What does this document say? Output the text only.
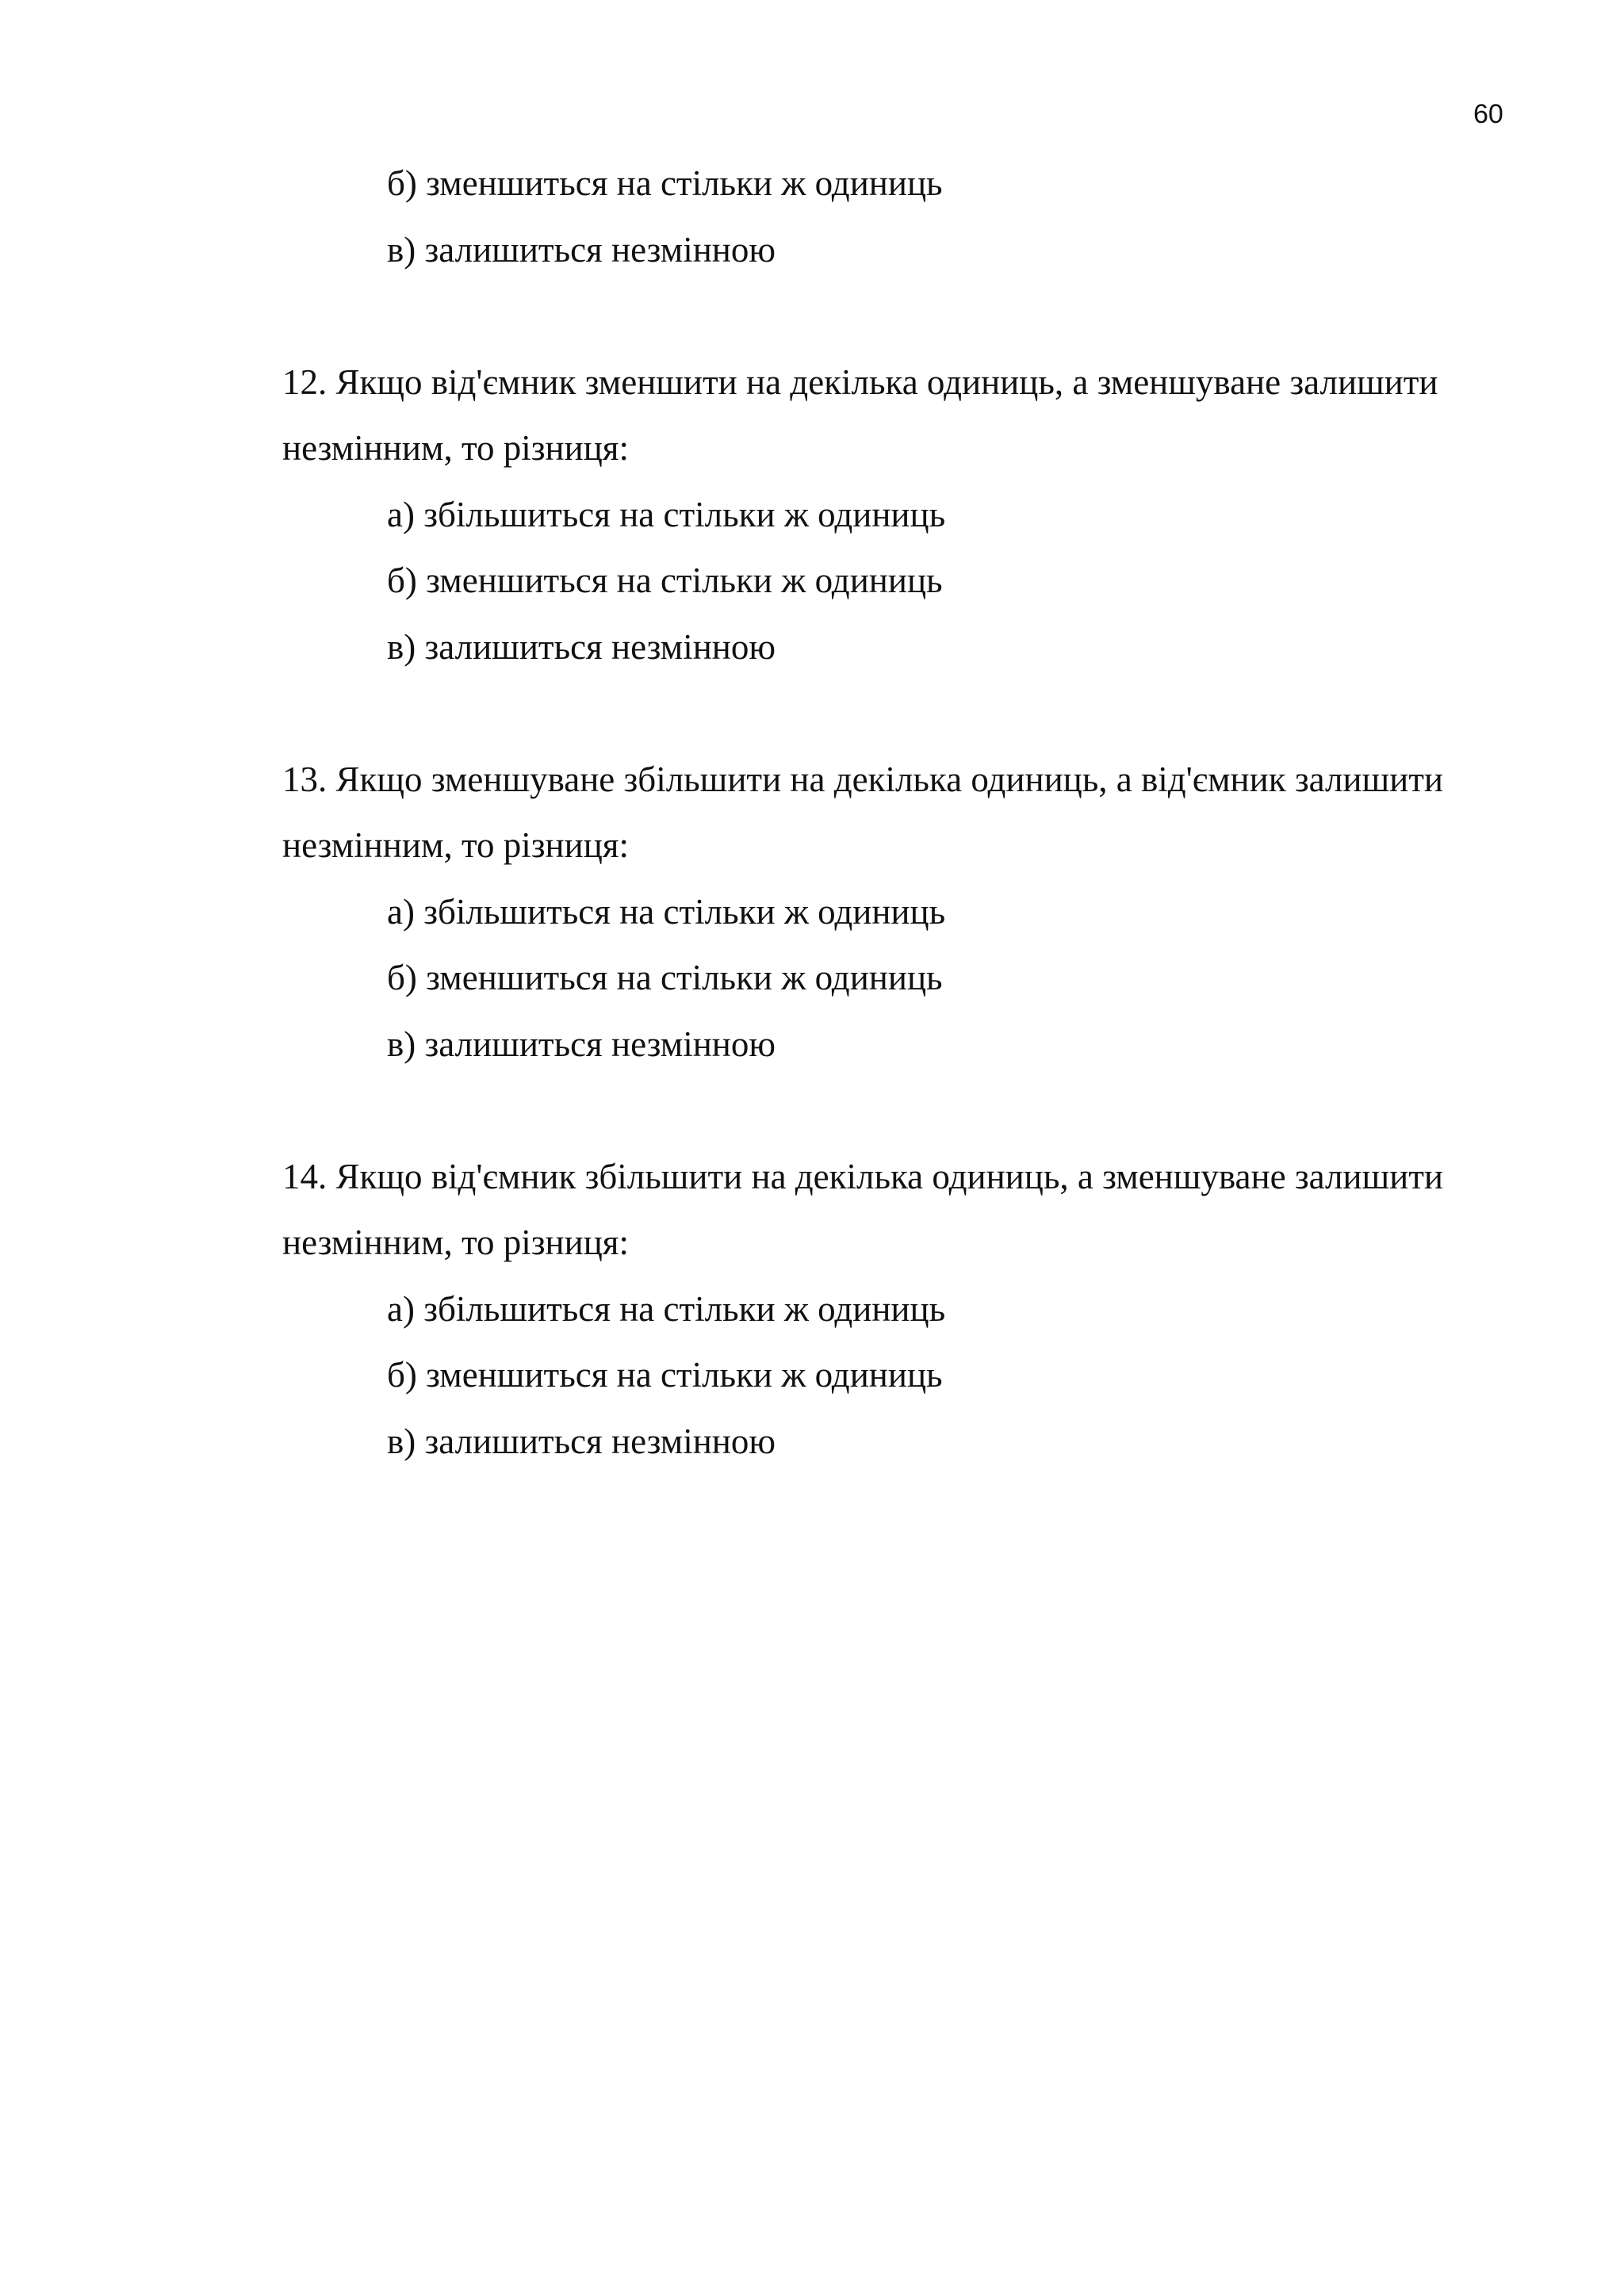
60
б) зменшиться на стільки ж одиниць
в) залишиться незмінною
12. Якщо від'ємник зменшити на декілька одиниць, а зменшуване залишити
незмінним, то різниця:
а) збільшиться на стільки ж одиниць
б) зменшиться на стільки ж одиниць
в) залишиться незмінною
13. Якщо зменшуване збільшити на декілька одиниць, а від'ємник залишити
незмінним, то різниця:
а) збільшиться на стільки ж одиниць
б) зменшиться на стільки ж одиниць
в) залишиться незмінною
14. Якщо від'ємник збільшити на декілька одиниць, а зменшуване залишити
незмінним, то різниця:
а) збільшиться на стільки ж одиниць
б) зменшиться на стільки ж одиниць
в) залишиться незмінною
